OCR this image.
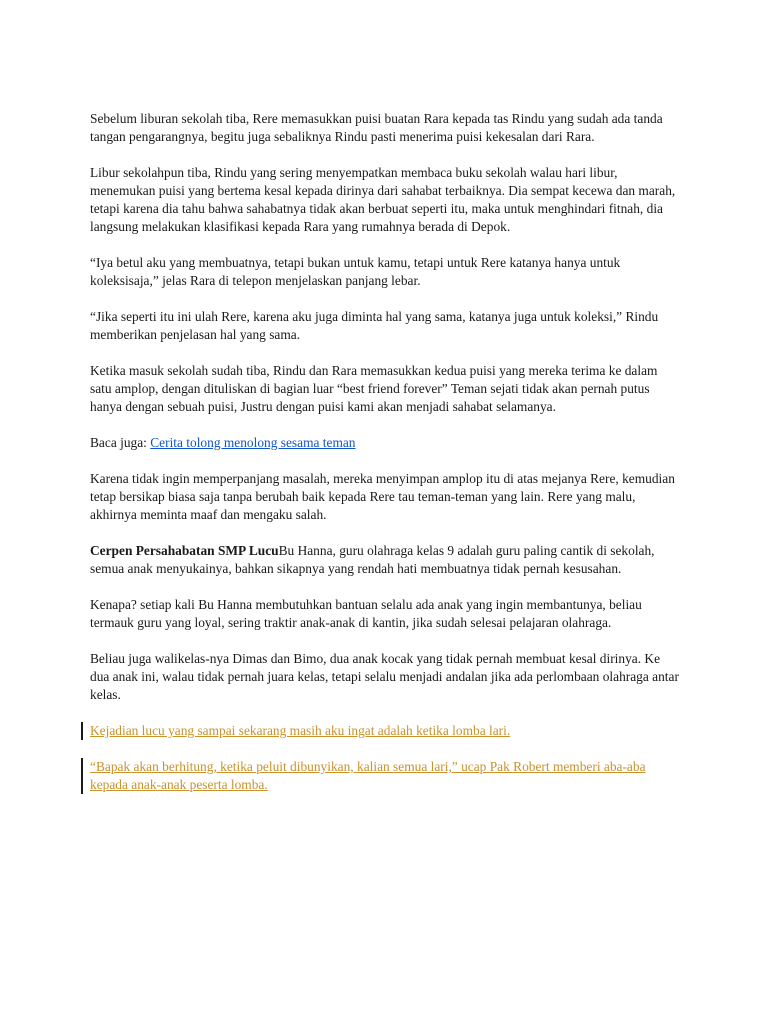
Sebelum liburan sekolah tiba, Rere memasukkan puisi buatan Rara kepada tas Rindu yang sudah ada tanda tangan pengarangnya, begitu juga sebaliknya Rindu pasti menerima puisi kekesalan dari Rara.

Libur sekolahpun tiba, Rindu yang sering menyempatkan membaca buku sekolah walau hari libur, menemukan puisi yang bertema kesal kepada dirinya dari sahabat terbaiknya. Dia sempat kecewa dan marah, tetapi karena dia tahu bahwa sahabatnya tidak akan berbuat seperti itu, maka untuk menghindari fitnah, dia langsung melakukan klasifikasi kepada Rara yang rumahnya berada di Depok.

“Iya betul aku yang membuatnya, tetapi bukan untuk kamu, tetapi untuk Rere katanya hanya untuk koleksisaja,” jelas Rara di telepon menjelaskan panjang lebar.

“Jika seperti itu ini ulah Rere, karena aku juga diminta hal yang sama, katanya juga untuk koleksi,” Rindu memberikan penjelasan hal yang sama.

Ketika masuk sekolah sudah tiba, Rindu dan Rara memasukkan kedua puisi yang mereka terima ke dalam satu amplop, dengan dituliskan di bagian luar “best friend forever” Teman sejati tidak akan pernah putus hanya dengan sebuah puisi, Justru dengan puisi kami akan menjadi sahabat selamanya.

Baca juga: Cerita tolong menolong sesama teman

Karena tidak ingin memperpanjang masalah, mereka menyimpan amplop itu di atas mejanya Rere, kemudian tetap bersikap biasa saja tanpa berubah baik kepada Rere tau teman-teman yang lain. Rere yang malu, akhirnya meminta maaf dan mengaku salah.

Cerpen Persahabatan SMP LucuBu Hanna, guru olahraga kelas 9 adalah guru paling cantik di sekolah, semua anak menyukainya, bahkan sikapnya yang rendah hati membuatnya tidak pernah kesusahan.

Kenapa? setiap kali Bu Hanna membutuhkan bantuan selalu ada anak yang ingin membantunya, beliau termauk guru yang loyal, sering traktir anak-anak di kantin, jika sudah selesai pelajaran olahraga.

Beliau juga walikelas-nya Dimas dan Bimo, dua anak kocak yang tidak pernah membuat kesal dirinya. Ke dua anak ini, walau tidak pernah juara kelas, tetapi selalu menjadi andalan jika ada perlombaan olahraga antar kelas.

Kejadian lucu yang sampai sekarang masih aku ingat adalah ketika lomba lari.
“Bapak akan berhitung, ketika peluit dibunyikan, kalian semua lari,” ucap Pak Robert memberi aba-aba kepada anak-anak peserta lomba.
